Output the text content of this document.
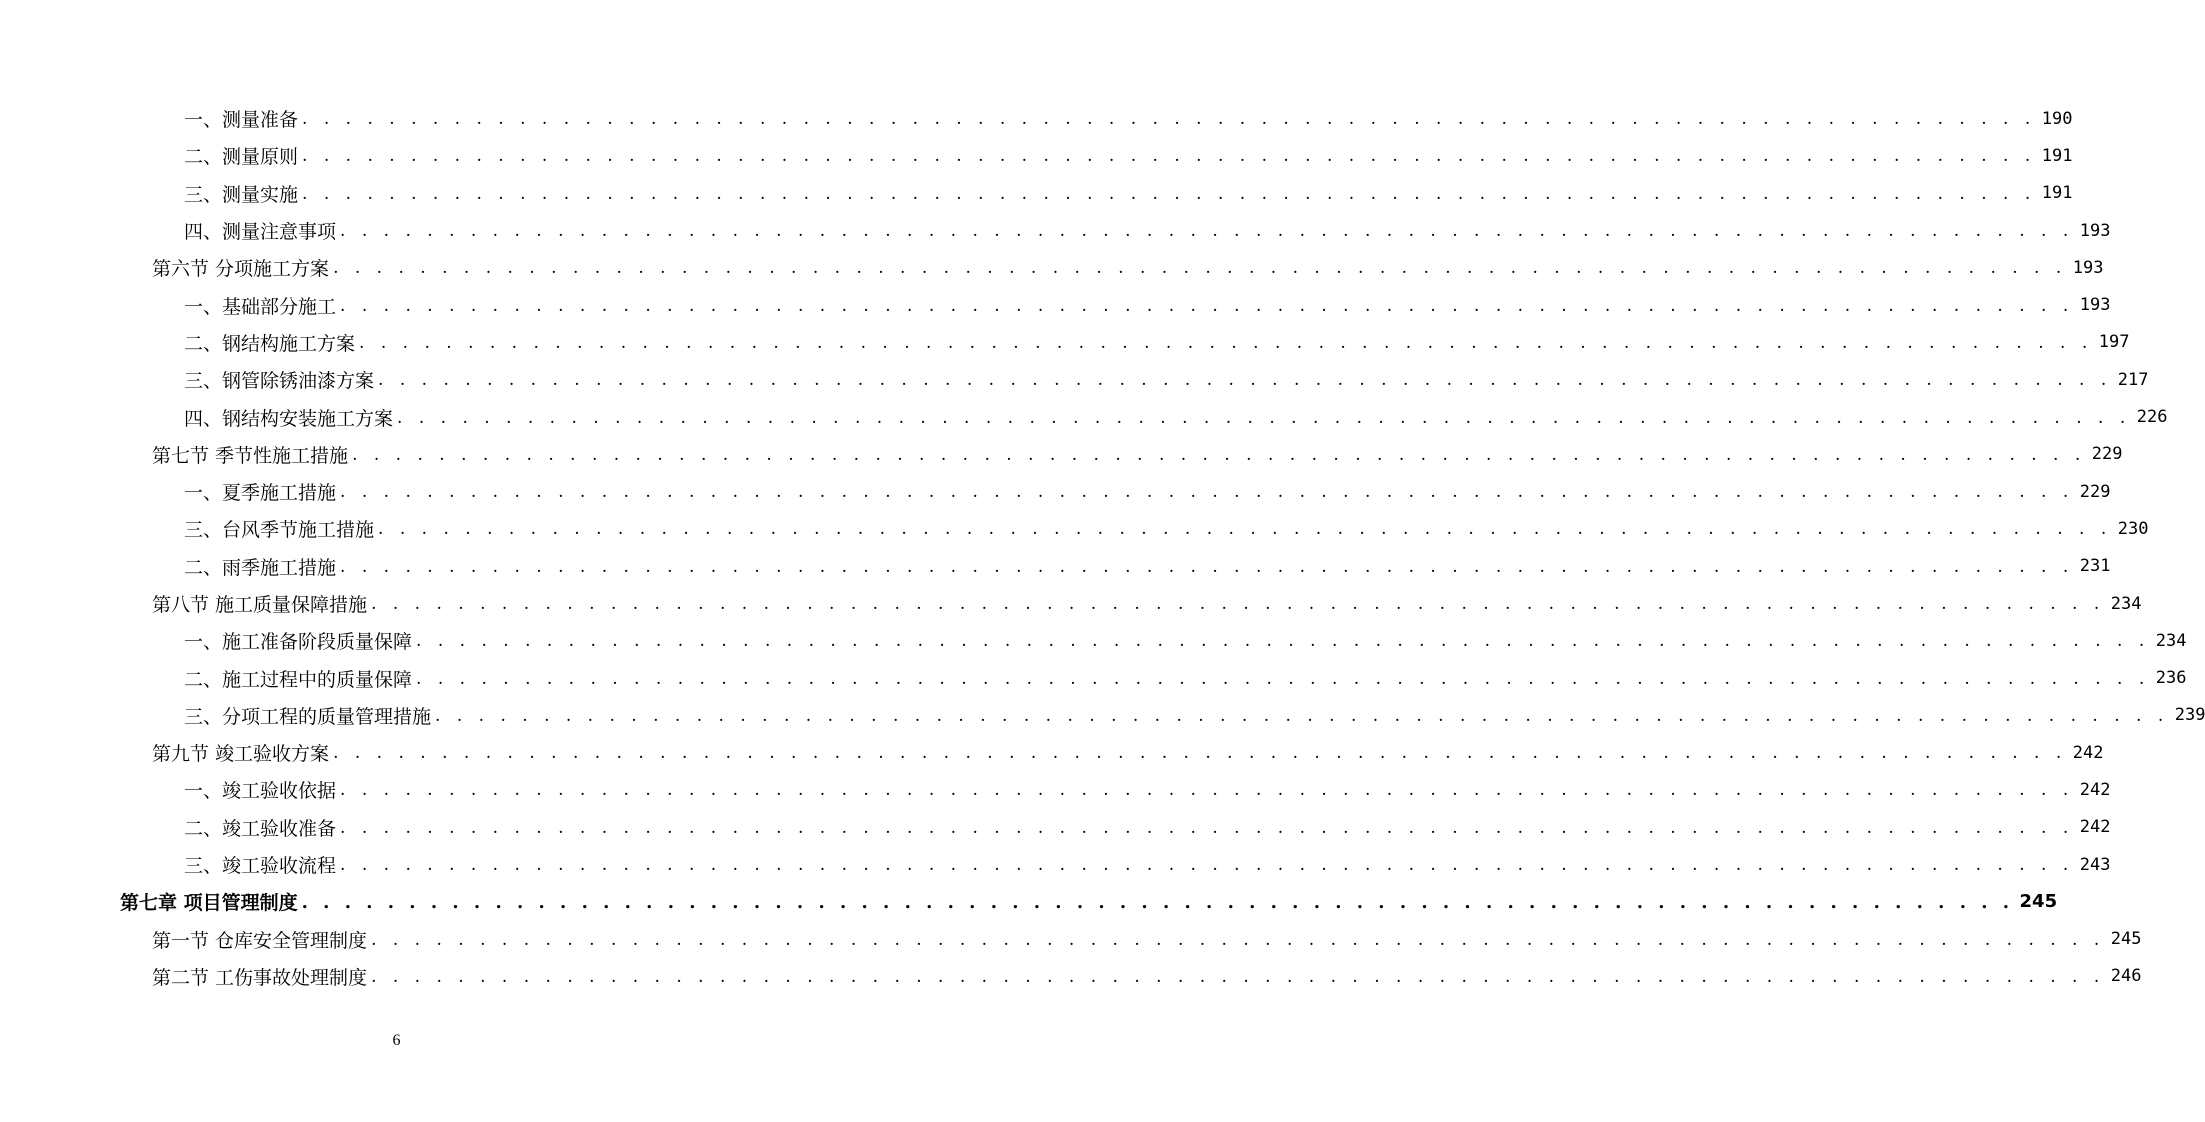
一、测量准备 . . . . . . . . . . . . . . . . . . . . . . . . . . . . . . . . . . . . . . . . . . . . . . . . . . . . . . . . . . . . . . . . . . . . . . . . . . . . . . . . 190
二、测量原则 . . . . . . . . . . . . . . . . . . . . . . . . . . . . . . . . . . . . . . . . . . . . . . . . . . . . . . . . . . . . . . . . . . . . . . . . . . . . . . . . 191
三、测量实施 . . . . . . . . . . . . . . . . . . . . . . . . . . . . . . . . . . . . . . . . . . . . . . . . . . . . . . . . . . . . . . . . . . . . . . . . . . . . . . . . 191
四、测量注意事项 . . . . . . . . . . . . . . . . . . . . . . . . . . . . . . . . . . . . . . . . . . . . . . . . . . . . . . . . . . . . . . . . . . . . . . . . . . . . . . . . 193
第六节 分项施工方案 . . . . . . . . . . . . . . . . . . . . . . . . . . . . . . . . . . . . . . . . . . . . . . . . . . . . . . . . . . . . . . . . . . . . . . . . . . . . . . . . 193
一、基础部分施工 . . . . . . . . . . . . . . . . . . . . . . . . . . . . . . . . . . . . . . . . . . . . . . . . . . . . . . . . . . . . . . . . . . . . . . . . . . . . . . . . 193
二、钢结构施工方案 . . . . . . . . . . . . . . . . . . . . . . . . . . . . . . . . . . . . . . . . . . . . . . . . . . . . . . . . . . . . . . . . . . . . . . . . . . . . . . . . 197
三、钢管除锈油漆方案 . . . . . . . . . . . . . . . . . . . . . . . . . . . . . . . . . . . . . . . . . . . . . . . . . . . . . . . . . . . . . . . . . . . . . . . . . . . . . . . . 217
四、钢结构安装施工方案 . . . . . . . . . . . . . . . . . . . . . . . . . . . . . . . . . . . . . . . . . . . . . . . . . . . . . . . . . . . . . . . . . . . . . . . . . . . . . . . . 226
第七节 季节性施工措施 . . . . . . . . . . . . . . . . . . . . . . . . . . . . . . . . . . . . . . . . . . . . . . . . . . . . . . . . . . . . . . . . . . . . . . . . . . . . . . . . 229
一、夏季施工措施 . . . . . . . . . . . . . . . . . . . . . . . . . . . . . . . . . . . . . . . . . . . . . . . . . . . . . . . . . . . . . . . . . . . . . . . . . . . . . . . . 229
三、台风季节施工措施 . . . . . . . . . . . . . . . . . . . . . . . . . . . . . . . . . . . . . . . . . . . . . . . . . . . . . . . . . . . . . . . . . . . . . . . . . . . . . . . . 230
二、雨季施工措施 . . . . . . . . . . . . . . . . . . . . . . . . . . . . . . . . . . . . . . . . . . . . . . . . . . . . . . . . . . . . . . . . . . . . . . . . . . . . . . . . 231
第八节 施工质量保障措施 . . . . . . . . . . . . . . . . . . . . . . . . . . . . . . . . . . . . . . . . . . . . . . . . . . . . . . . . . . . . . . . . . . . . . . . . . . . . . . . . 234
一、施工准备阶段质量保障 . . . . . . . . . . . . . . . . . . . . . . . . . . . . . . . . . . . . . . . . . . . . . . . . . . . . . . . . . . . . . . . . . . . . . . . . . . . . . . . . 234
二、施工过程中的质量保障 . . . . . . . . . . . . . . . . . . . . . . . . . . . . . . . . . . . . . . . . . . . . . . . . . . . . . . . . . . . . . . . . . . . . . . . . . . . . . . . . 236
三、分项工程的质量管理措施 . . . . . . . . . . . . . . . . . . . . . . . . . . . . . . . . . . . . . . . . . . . . . . . . . . . . . . . . . . . . . . . . . . . . . . . . . . . . . . . . 239
第九节 竣工验收方案 . . . . . . . . . . . . . . . . . . . . . . . . . . . . . . . . . . . . . . . . . . . . . . . . . . . . . . . . . . . . . . . . . . . . . . . . . . . . . . . . 242
一、竣工验收依据 . . . . . . . . . . . . . . . . . . . . . . . . . . . . . . . . . . . . . . . . . . . . . . . . . . . . . . . . . . . . . . . . . . . . . . . . . . . . . . . . 242
二、竣工验收准备 . . . . . . . . . . . . . . . . . . . . . . . . . . . . . . . . . . . . . . . . . . . . . . . . . . . . . . . . . . . . . . . . . . . . . . . . . . . . . . . . 242
三、竣工验收流程 . . . . . . . . . . . . . . . . . . . . . . . . . . . . . . . . . . . . . . . . . . . . . . . . . . . . . . . . . . . . . . . . . . . . . . . . . . . . . . . . 243
第七章 项目管理制度 . . . . . . . . . . . . . . . . . . . . . . . . . . . . . . . . . . . . . . . . . . . . . . . . . . . . . . . . . . . . . . . . . . . . . . . . . . . . . . . . 245
第一节 仓库安全管理制度 . . . . . . . . . . . . . . . . . . . . . . . . . . . . . . . . . . . . . . . . . . . . . . . . . . . . . . . . . . . . . . . . . . . . . . . . . . . . . . . . 245
第二节 工伤事故处理制度 . . . . . . . . . . . . . . . . . . . . . . . . . . . . . . . . . . . . . . . . . . . . . . . . . . . . . . . . . . . . . . . . . . . . . . . . . . . . . . . . 246
6
